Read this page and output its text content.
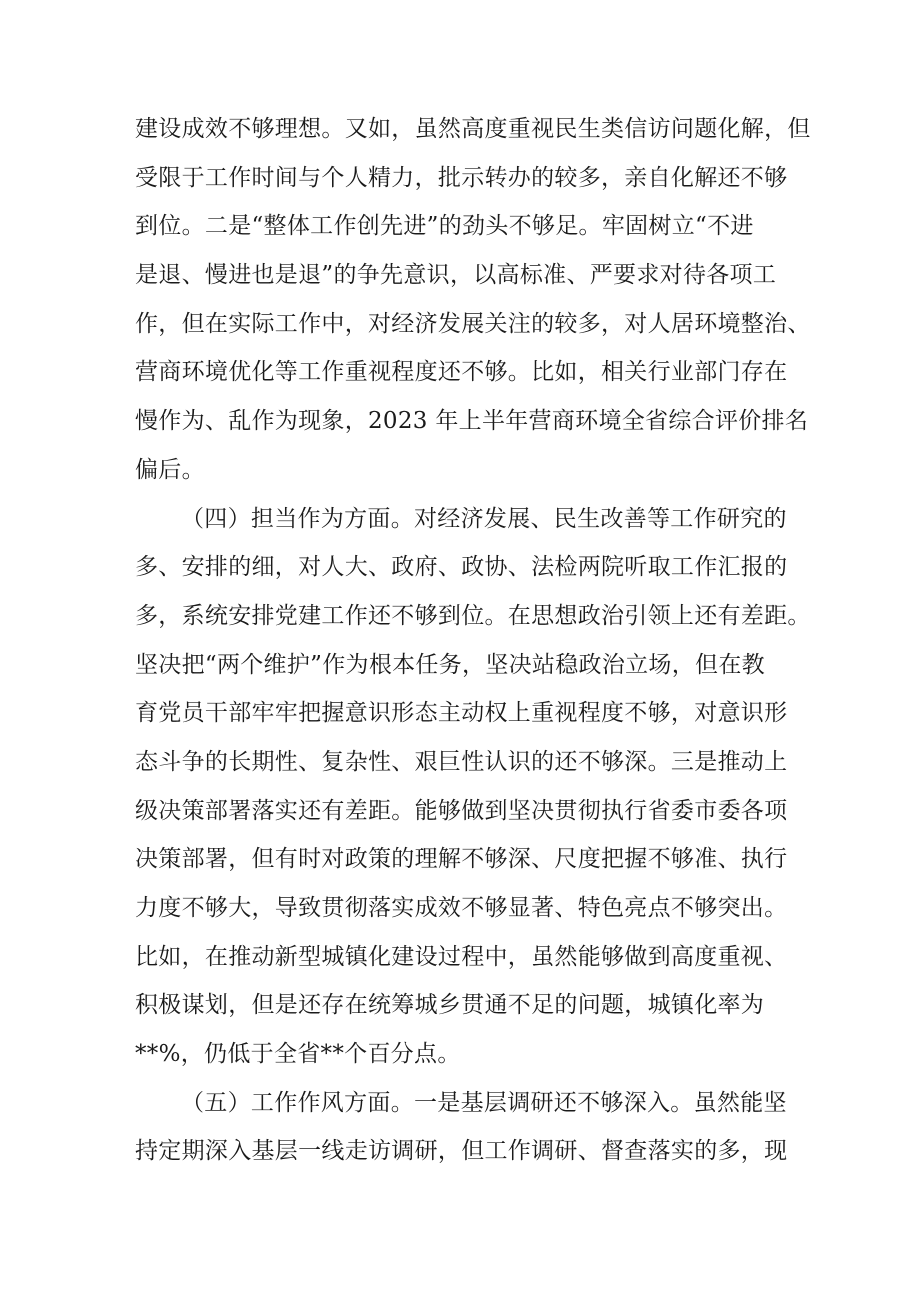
建设成效不够理想。又如，虽然高度重视民生类信访问题化解，但
受限于工作时间与个人精力，批示转办的较多，亲自化解还不够
到位。二是“整体工作创先进”的劲头不够足。牢固树立“不进
是退、慢进也是退”的争先意识，以高标准、严要求对待各项工
作，但在实际工作中，对经济发展关注的较多，对人居环境整治、
营商环境优化等工作重视程度还不够。比如，相关行业部门存在
慢作为、乱作为现象，2023 年上半年营商环境全省综合评价排名
偏后。
（四）担当作为方面。对经济发展、民生改善等工作研究的
多、安排的细，对人大、政府、政协、法检两院听取工作汇报的
多，系统安排党建工作还不够到位。在思想政治引领上还有差距。
坚决把“两个维护”作为根本任务，坚决站稳政治立场，但在教
育党员干部牢牢把握意识形态主动权上重视程度不够，对意识形
态斗争的长期性、复杂性、艰巨性认识的还不够深。三是推动上
级决策部署落实还有差距。能够做到坚决贯彻执行省委市委各项
决策部署，但有时对政策的理解不够深、尺度把握不够准、执行
力度不够大，导致贯彻落实成效不够显著、特色亮点不够突出。
比如，在推动新型城镇化建设过程中，虽然能够做到高度重视、
积极谋划，但是还存在统筹城乡贯通不足的问题，城镇化率为
**%，仍低于全省**个百分点。
（五）工作作风方面。一是基层调研还不够深入。虽然能坚
持定期深入基层一线走访调研，但工作调研、督查落实的多，现
